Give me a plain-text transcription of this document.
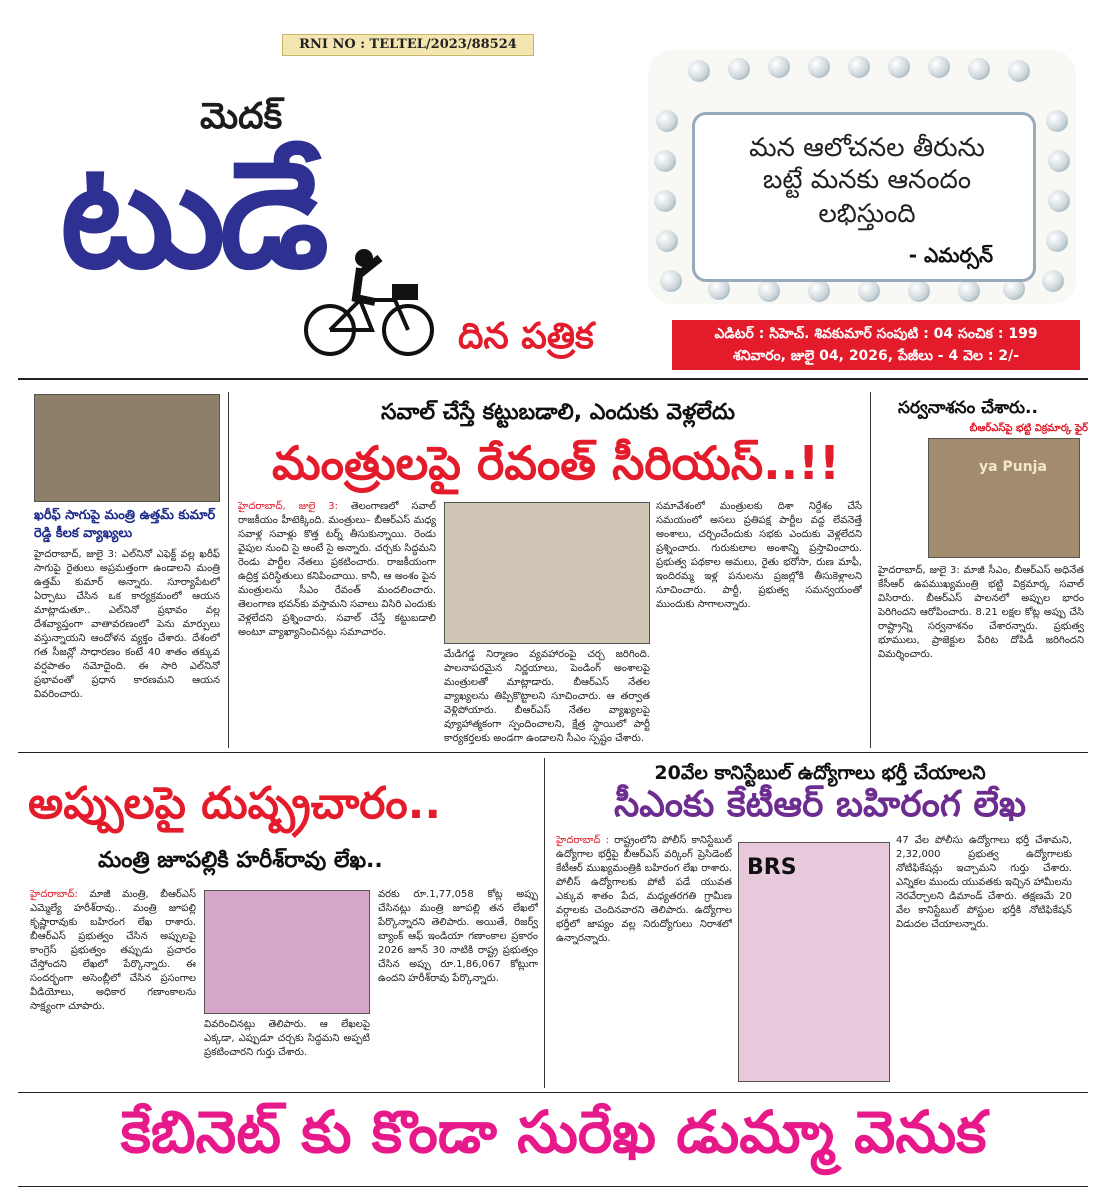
RNI NO : TELTEL/2023/88524
మెదక్
టుడే
దిన పత్రిక
మన ఆలోచనల తీరును
బట్టే మనకు ఆనందం
లభిస్తుంది
- ఎమర్సన్
ఎడిటర్ : సిహెచ్. శివకుమార్ సంపుటి : 04 సంచిక : 199
శనివారం, జులై 04, 2026, పేజీలు - 4 వెల : 2/-
ఖరీఫ్ సాగుపై మంత్రి ఉత్తమ్ కుమార్ రెడ్డి కీలక వ్యాఖ్యలు
హైదరాబాద్, జులై 3: ఎల్‌నినో ఎఫెక్ట్ వల్ల ఖరీఫ్ సాగుపై రైతులు అప్రమత్తంగా ఉండాలని మంత్రి ఉత్తమ్ కుమార్ అన్నారు. సూర్యాపేటలో ఏర్పాటు చేసిన ఒక కార్యక్రమంలో ఆయన మాట్లాడుతూ.. ఎల్‌నినో ప్రభావం వల్ల దేశవ్యాప్తంగా వాతావరణంలో పెను మార్పులు వస్తున్నాయని ఆందోళన వ్యక్తం చేశారు. దేశంలో గత సీజన్లో సాధారణం కంటే 40 శాతం తక్కువ వర్షపాతం నమోదైంది. ఈ సారి ఎల్‌నినో ప్రభావంతో ప్రధాన కారణమని ఆయన వివరించారు.
సవాల్ చేస్తే కట్టుబడాలి, ఎందుకు వెళ్లలేదు
మంత్రులపై రేవంత్ సీరియస్..!!
హైదరాబాద్, జులై 3: తెలంగాణలో సవాల్ రాజకీయం హీటెక్కింది. మంత్రులు– బీఆర్ఎస్ మధ్య సవాళ్ల సవాళ్లు కొత్త టర్న్ తీసుకున్నాయి. రెండు వైపుల నుంచి సై అంటే సై అన్నారు. చర్చకు సిద్ధమని రెండు పార్టీల నేతలు ప్రకటించారు. రాజకీయంగా ఉద్రిక్త పరిస్థితులు కనిపించాయి. కానీ, ఆ అంశం పైన మంత్రులను సీఎం రేవంత్ మందలించారు. తెలంగాణ భవన్‌కు వస్తామని సవాలు విసిరి ఎందుకు వెళ్లలేదని ప్రశ్నించారు. సవాల్ చేస్తే కట్టుబడాలి అంటూ వ్యాఖ్యానించినట్లు సమాచారం.
మేడిగడ్డ నిర్మాణం వ్యవహారంపై చర్చ జరిగింది. పాలనాపరమైన నిర్ణయాలు, పెండింగ్ అంశాలపై మంత్రులతో మాట్లాడారు. బీఆర్ఎస్ నేతల వ్యాఖ్యలను తిప్పికొట్టాలని సూచించారు. ఆ తర్వాత వెళ్లిపోయారు. బీఆర్ఎస్ నేతల వ్యాఖ్యలపై వ్యూహాత్మకంగా స్పందించాలని, క్షేత్ర స్థాయిలో పార్టీ కార్యకర్తలకు అండగా ఉండాలని సీఎం స్పష్టం చేశారు.
సమావేశంలో మంత్రులకు దిశా నిర్దేశం చేసే సమయంలో అసలు ప్రతిపక్ష పార్టీల వద్ద లేవనెత్తే అంశాలు, చర్చించేందుకు సభకు ఎందుకు వెళ్లలేదని ప్రశ్నించారు. గురుకులాల అంశాన్ని ప్రస్తావించారు. ప్రభుత్వ పథకాల అమలు, రైతు భరోసా, రుణ మాఫీ, ఇందిరమ్మ ఇళ్ల పనులను ప్రజల్లోకి తీసుకెళ్లాలని సూచించారు. పార్టీ, ప్రభుత్వ సమన్వయంతో ముందుకు సాగాలన్నారు.
సర్వనాశనం చేశారు..
బీఆర్ఎస్‌పై భట్టి విక్రమార్క ఫైర్
ya Punja
హైదరాబాద్, జులై 3: మాజీ సీఎం, బీఆర్ఎస్ అధినేత కేసీఆర్ ఉపముఖ్యమంత్రి భట్టి విక్రమార్క సవాల్ విసిరారు. బీఆర్ఎస్ పాలనలో అప్పుల భారం పెరిగిందని ఆరోపించారు. 8.21 లక్షల కోట్ల అప్పు చేసి రాష్ట్రాన్ని సర్వనాశనం చేశారన్నారు. ప్రభుత్వ భూములు, ప్రాజెక్టుల పేరిట దోపిడీ జరిగిందని విమర్శించారు.
అప్పులపై దుష్ప్రచారం..
మంత్రి జూపల్లికి హరీశ్‌రావు లేఖ..
హైదరాబాద్: మాజీ మంత్రి, బీఆర్ఎస్ ఎమ్మెల్యే హరీశ్‌రావు.. మంత్రి జూపల్లి కృష్ణారావుకు బహిరంగ లేఖ రాశారు. బీఆర్ఎస్ ప్రభుత్వం చేసిన అప్పులపై కాంగ్రెస్ ప్రభుత్వం తప్పుడు ప్రచారం చేస్తోందని లేఖలో పేర్కొన్నారు. ఈ సందర్భంగా అసెంబ్లీలో చేసిన ప్రసంగాల వీడియోలు, అధికార గణాంకాలను సాక్ష్యంగా చూపారు.
వివరించినట్లు తెలిపారు. ఆ లేఖలపై ఎక్కడా, ఎప్పుడూ చర్చకు సిద్ధమని అప్పటి ప్రకటించారని గుర్తు చేశారు.
వరకు రూ.1,77,058 కోట్ల అప్పు చేసినట్లు మంత్రి జూపల్లి తన లేఖలో పేర్కొన్నారని తెలిపారు. అయితే, రిజర్వ్ బ్యాంక్ ఆఫ్ ఇండియా గణాంకాల ప్రకారం 2026 జూన్ 30 నాటికి రాష్ట్ర ప్రభుత్వం చేసిన అప్పు రూ.1,86,067 కోట్లుగా ఉందని హరీశ్‌రావు పేర్కొన్నారు.
20వేల కానిస్టేబుల్ ఉద్యోగాలు భర్తీ చేయాలని
సీఎంకు కేటీఆర్ బహిరంగ లేఖ
హైదరాబాద్ : రాష్ట్రంలోని పోలీస్ కానిస్టేబుల్ ఉద్యోగాల భర్తీపై బీఆర్ఎస్ వర్కింగ్ ప్రెసిడెంట్ కేటీఆర్ ముఖ్యమంత్రికి బహిరంగ లేఖ రాశారు. పోలీస్ ఉద్యోగాలకు పోటీ పడే యువత ఎక్కువ శాతం పేద, మధ్యతరగతి గ్రామీణ వర్గాలకు చెందినవారని తెలిపారు. ఉద్యోగాల భర్తీలో జాప్యం వల్ల నిరుద్యోగులు నిరాశలో ఉన్నారన్నారు.
BRS
47 వేల పోలీసు ఉద్యోగాలు భర్తీ చేశామని, 2,32,000 ప్రభుత్వ ఉద్యోగాలకు నోటిఫికేషన్లు ఇచ్చామని గుర్తు చేశారు. ఎన్నికల ముందు యువతకు ఇచ్చిన హామీలను నెరవేర్చాలని డిమాండ్ చేశారు. తక్షణమే 20 వేల కానిస్టేబుల్ పోస్టుల భర్తీకి నోటిఫికేషన్ విడుదల చేయాలన్నారు.
కేబినెట్ కు కొండా సురేఖ డుమ్మా వెనుక
